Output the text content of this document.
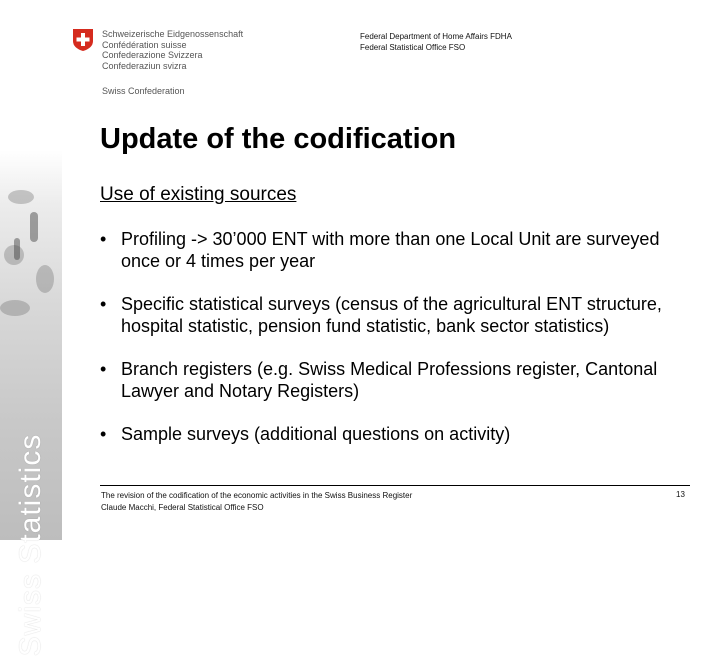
Swiss Statistics
Schweizerische Eidgenossenschaft
Confédération suisse
Confederazione Svizzera
Confederaziun svizra
Swiss Confederation
Federal Department of Home Affairs FDHA
Federal Statistical Office FSO
Update of the codification
Use of existing sources
• Profiling -> 30’000 ENT with more than one Local Unit are surveyed once or 4 times per year
• Specific statistical surveys (census of the agricultural ENT structure, hospital statistic, pension fund statistic, bank sector statistics)
• Branch registers (e.g. Swiss Medical Professions register, Cantonal Lawyer and Notary Registers)
• Sample surveys (additional questions on activity)
The revision of the codification of the economic activities in the Swiss Business Register
Claude Macchi, Federal Statistical Office FSO
13
